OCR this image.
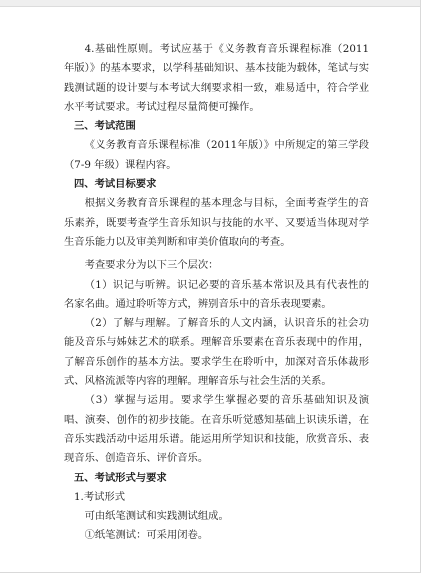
4.基础性原则。考试应基于《义务教育音乐课程标准（2011 年版）》的基本要求，以学科基础知识、基本技能为载体，笔试与实践测试题的设计要与本考试大纲要求相一致，难易适中，符合学业水平考试要求。考试过程尽量简便可操作。

三、考试范围

《义务教育音乐课程标准（2011年版）》中所规定的第三学段（7-9 年级）课程内容。

四、考试目标要求

根据义务教育音乐课程的基本理念与目标，全面考查学生的音乐素养，既要考查学生音乐知识与技能的水平、又要适当体现对学生音乐能力以及审美判断和审美价值取向的考查。

考查要求分为以下三个层次：

（1）识记与听辨。识记必要的音乐基本常识及具有代表性的名家名曲。通过聆听等方式，辨别音乐中的音乐表现要素。

（2）了解与理解。了解音乐的人文内涵，认识音乐的社会功能及音乐与姊妹艺术的联系。理解音乐要素在音乐表现中的作用，了解音乐创作的基本方法。要求学生在聆听中，加深对音乐体裁形式、风格流派等内容的理解。理解音乐与社会生活的关系。

（3）掌握与运用。要求学生掌握必要的音乐基础知识及演唱、演奏、创作的初步技能。在音乐听觉感知基础上识读乐谱，在音乐实践活动中运用乐谱。能运用所学知识和技能，欣赏音乐、表现音乐、创造音乐、评价音乐。

五、考试形式与要求

1.考试形式

可由纸笔测试和实践测试组成。

①纸笔测试：可采用闭卷。
